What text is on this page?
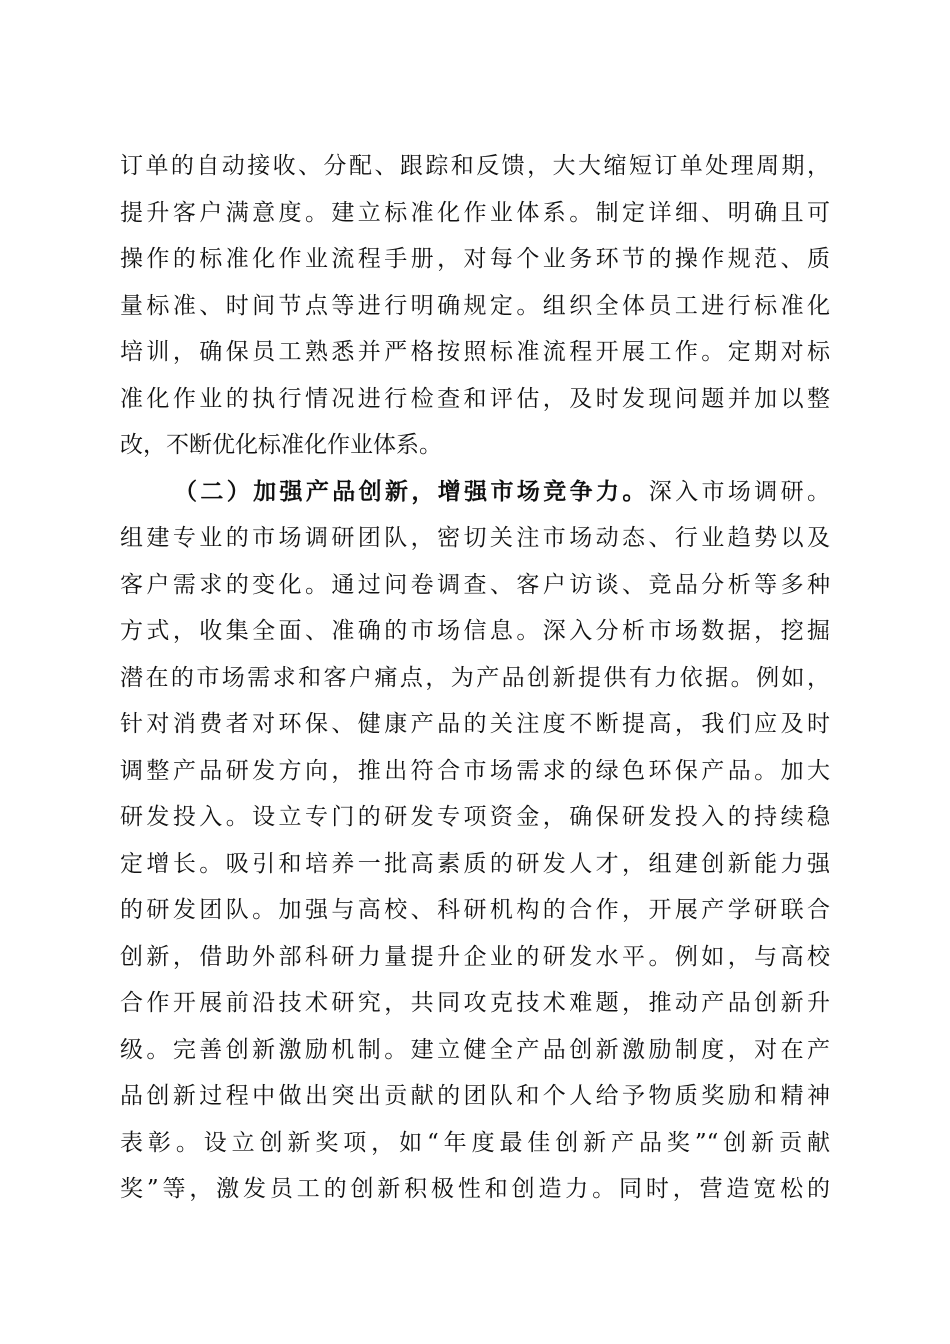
订单的自动接收、分配、跟踪和反馈，大大缩短订单处理周期，
提升客户满意度。建立标准化作业体系。制定详细、明确且可
操作的标准化作业流程手册，对每个业务环节的操作规范、质
量标准、时间节点等进行明确规定。组织全体员工进行标准化
培训，确保员工熟悉并严格按照标准流程开展工作。定期对标
准化作业的执行情况进行检查和评估，及时发现问题并加以整
改，不断优化标准化作业体系。
（二）加强产品创新，增强市场竞争力。深入市场调研。
组建专业的市场调研团队，密切关注市场动态、行业趋势以及
客户需求的变化。通过问卷调查、客户访谈、竞品分析等多种
方式，收集全面、准确的市场信息。深入分析市场数据，挖掘
潜在的市场需求和客户痛点，为产品创新提供有力依据。例如，
针对消费者对环保、健康产品的关注度不断提高，我们应及时
调整产品研发方向，推出符合市场需求的绿色环保产品。加大
研发投入。设立专门的研发专项资金，确保研发投入的持续稳
定增长。吸引和培养一批高素质的研发人才，组建创新能力强
的研发团队。加强与高校、科研机构的合作，开展产学研联合
创新，借助外部科研力量提升企业的研发水平。例如，与高校
合作开展前沿技术研究，共同攻克技术难题，推动产品创新升
级。完善创新激励机制。建立健全产品创新激励制度，对在产
品创新过程中做出突出贡献的团队和个人给予物质奖励和精神
表彰。设立创新奖项，如“年度最佳创新产品奖”“创新贡献
奖”等，激发员工的创新积极性和创造力。同时，营造宽松的
